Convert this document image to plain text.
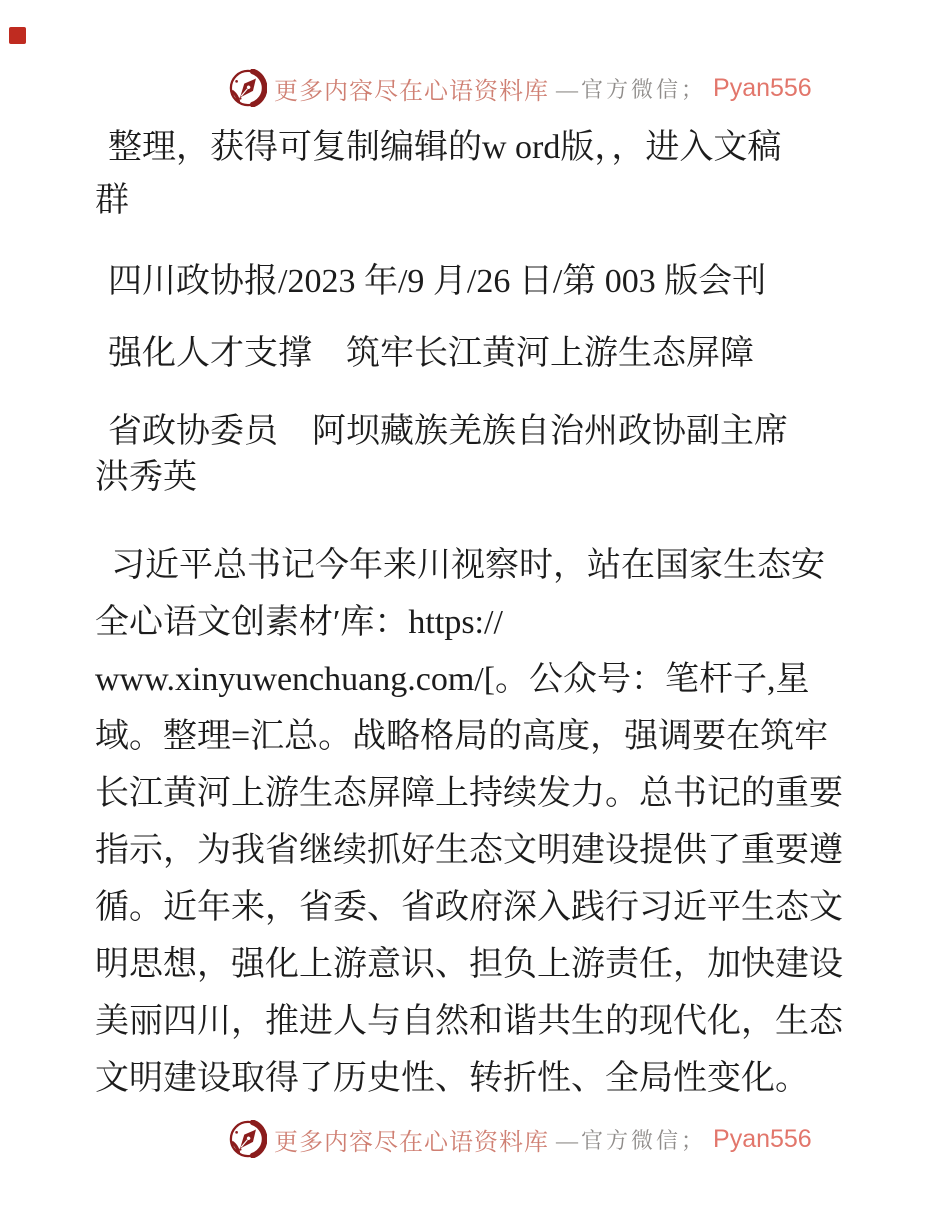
更多内容尽在心语资料库 —官方微信； Pyan556
整理，获得可复制编辑的w ord版，，进入文稿
群
四川政协报/2023 年/9 月/26 日/第 003 版会刊
强化人才支撑　筑牢长江黄河上游生态屏障
省政协委员　阿坝藏族羌族自治州政协副主席
洪秀英
习近平总书记今年来川视察时，站在国家生态安
全心语文创素材′库：https://
www.xinyuwenchuang.com/[。公众号：笔杆子,星
域。整理=汇总。战略格局的高度，强调要在筑牢
长江黄河上游生态屏障上持续发力。总书记的重要
指示，为我省继续抓好生态文明建设提供了重要遵
循。近年来，省委、省政府深入践行习近平生态文
明思想，强化上游意识、担负上游责任，加快建设
美丽四川，推进人与自然和谐共生的现代化，生态
文明建设取得了历史性、转折性、全局性变化。
更多内容尽在心语资料库 —官方微信； Pyan556
